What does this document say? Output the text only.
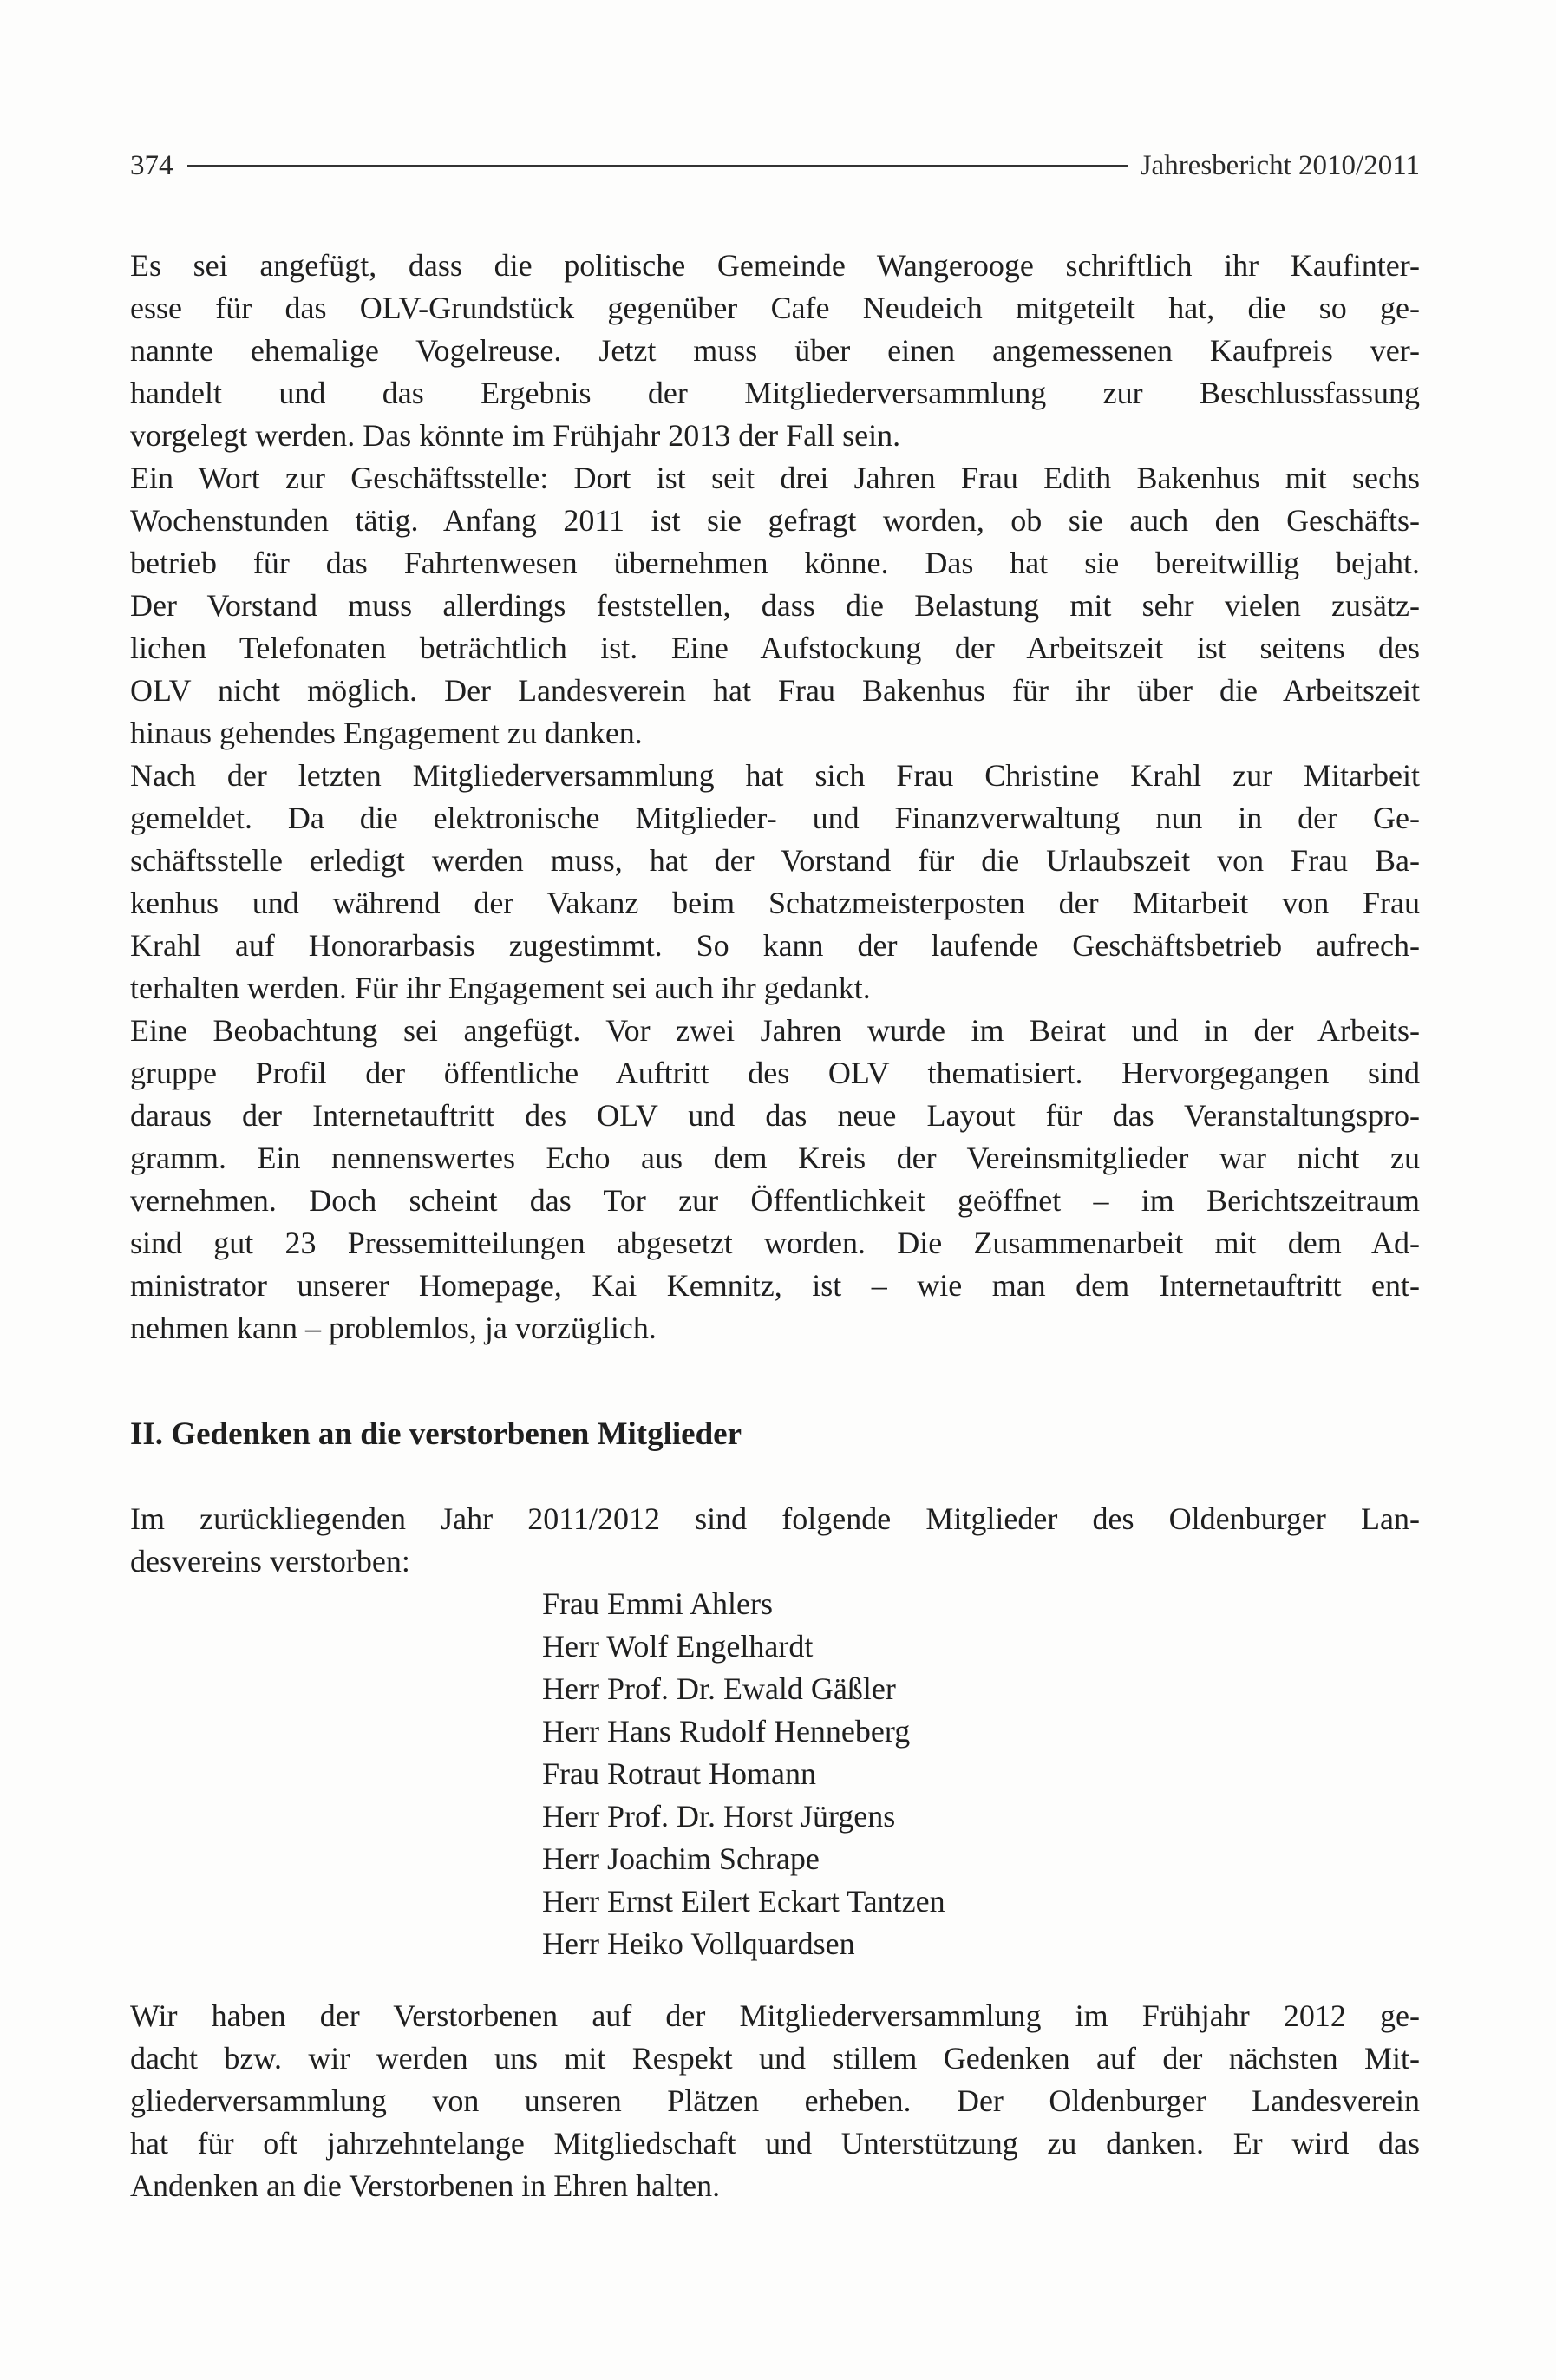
374	Jahresbericht 2010/2011
Es sei angefügt, dass die politische Gemeinde Wangerooge schriftlich ihr Kaufinter-
esse für das OLV-Grundstück gegenüber Cafe Neudeich mitgeteilt hat, die so ge-
nannte ehemalige Vogelreuse. Jetzt muss über einen angemessenen Kaufpreis ver-
handelt und das Ergebnis der Mitgliederversammlung zur Beschlussfassung
vorgelegt werden. Das könnte im Frühjahr 2013 der Fall sein.
Ein Wort zur Geschäftsstelle: Dort ist seit drei Jahren Frau Edith Bakenhus mit sechs
Wochenstunden tätig. Anfang 2011 ist sie gefragt worden, ob sie auch den Geschäfts-
betrieb für das Fahrtenwesen übernehmen könne. Das hat sie bereitwillig bejaht.
Der Vorstand muss allerdings feststellen, dass die Belastung mit sehr vielen zusätz-
lichen Telefonaten beträchtlich ist. Eine Aufstockung der Arbeitszeit ist seitens des
OLV nicht möglich. Der Landesverein hat Frau Bakenhus für ihr über die Arbeitszeit
hinaus gehendes Engagement zu danken.
Nach der letzten Mitgliederversammlung hat sich Frau Christine Krahl zur Mitarbeit
gemeldet. Da die elektronische Mitglieder- und Finanzverwaltung nun in der Ge-
schäftsstelle erledigt werden muss, hat der Vorstand für die Urlaubszeit von Frau Ba-
kenhus und während der Vakanz beim Schatzmeisterposten der Mitarbeit von Frau
Krahl auf Honorarbasis zugestimmt. So kann der laufende Geschäftsbetrieb aufrech-
terhalten werden. Für ihr Engagement sei auch ihr gedankt.
Eine Beobachtung sei angefügt. Vor zwei Jahren wurde im Beirat und in der Arbeits-
gruppe Profil der öffentliche Auftritt des OLV thematisiert. Hervorgegangen sind
daraus der Internetauftritt des OLV und das neue Layout für das Veranstaltungspro-
gramm. Ein nennenswertes Echo aus dem Kreis der Vereinsmitglieder war nicht zu
vernehmen. Doch scheint das Tor zur Öffentlichkeit geöffnet – im Berichtszeitraum
sind gut 23 Pressemitteilungen abgesetzt worden. Die Zusammenarbeit mit dem Ad-
ministrator unserer Homepage, Kai Kemnitz, ist – wie man dem Internetauftritt ent-
nehmen kann – problemlos, ja vorzüglich.
II. Gedenken an die verstorbenen Mitglieder
Im zurückliegenden Jahr 2011/2012 sind folgende Mitglieder des Oldenburger Lan-
desvereins verstorben:
Frau Emmi Ahlers
Herr Wolf Engelhardt
Herr Prof. Dr. Ewald Gäßler
Herr Hans Rudolf Henneberg
Frau Rotraut Homann
Herr Prof. Dr. Horst Jürgens
Herr Joachim Schrape
Herr Ernst Eilert Eckart Tantzen
Herr Heiko Vollquardsen
Wir haben der Verstorbenen auf der Mitgliederversammlung im Frühjahr 2012 ge-
dacht bzw. wir werden uns mit Respekt und stillem Gedenken auf der nächsten Mit-
gliederversammlung von unseren Plätzen erheben. Der Oldenburger Landesverein
hat für oft jahrzehntelange Mitgliedschaft und Unterstützung zu danken. Er wird das
Andenken an die Verstorbenen in Ehren halten.
